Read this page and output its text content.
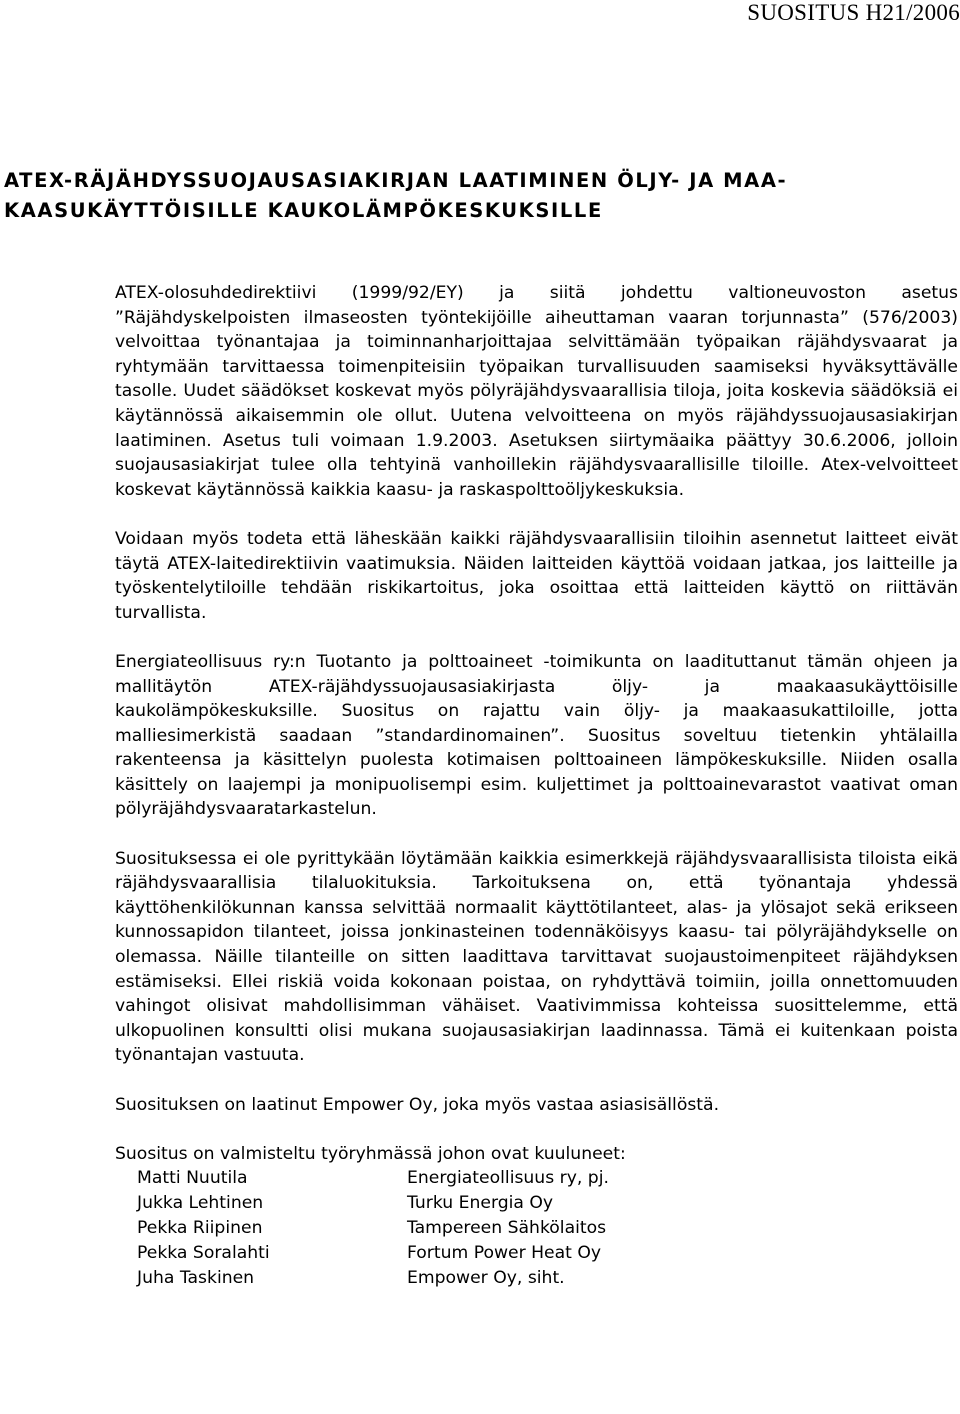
SUOSITUS H21/2006
ATEX-RÄJÄHDYSSUOJAUSASIAKIRJAN LAATIMINEN ÖLJY- JA MAA-
KAASUKÄYTTÖISILLE KAUKOLÄMPÖKESKUKSILLE

ATEX-olosuhdedirektiivi (1999/92/EY) ja siitä johdettu valtioneuvoston asetus ”Räjähdyskelpoisten ilmaseosten työntekijöille aiheuttaman vaaran torjunnasta” (576/2003) velvoittaa työnantajaa ja toiminnanharjoittajaa selvittämään työpaikan räjähdysvaarat ja ryhtymään tarvittaessa toimenpiteisiin työpaikan turvallisuuden saamiseksi hyväksyttävälle tasolle. Uudet säädökset koskevat myös pölyräjähdysvaarallisia tiloja, joita koskevia säädöksiä ei käytännössä aikaisemmin ole ollut. Uutena velvoitteena on myös räjähdyssuojausasiakirjan laatiminen. Asetus tuli voimaan 1.9.2003. Asetuksen siirtymäaika päättyy 30.6.2006, jolloin suojausasiakirjat tulee olla tehtyinä vanhoillekin räjähdysvaarallisille tiloille. Atex-velvoitteet koskevat käytännössä kaikkia kaasu- ja raskaspolttoöljykeskuksia.

Voidaan myös todeta että läheskään kaikki räjähdysvaarallisiin tiloihin asennetut laitteet eivät täytä ATEX-laitedirektiivin vaatimuksia. Näiden laitteiden käyttöä voidaan jatkaa, jos laitteille ja työskentelytiloille tehdään riskikartoitus, joka osoittaa että laitteiden käyttö on riittävän turvallista.

Energiateollisuus ry:n Tuotanto ja polttoaineet -toimikunta on laadituttanut tämän ohjeen ja mallitäytön ATEX-räjähdyssuojausasiakirjasta öljy- ja maakaasukäyttöisille kaukolämpökeskuksille. Suositus on rajattu vain öljy- ja maakaasukattiloille, jotta malliesimerkistä saadaan ”standardinomainen”. Suositus soveltuu tietenkin yhtälailla rakenteensa ja käsittelyn puolesta kotimaisen polttoaineen lämpökeskuksille. Niiden osalla käsittely on laajempi ja monipuolisempi esim. kuljettimet ja polttoainevarastot vaativat oman pölyräjähdysvaaratarkastelun.

Suosituksessa ei ole pyrittykään löytämään kaikkia esimerkkejä räjähdysvaarallisista tiloista eikä räjähdysvaarallisia tilaluokituksia. Tarkoituksena on, että työnantaja yhdessä käyttöhenkilökunnan kanssa selvittää normaalit käyttötilanteet, alas- ja ylösajot sekä erikseen kunnossapidon tilanteet, joissa jonkinasteinen todennäköisyys kaasu- tai pölyräjähdykselle on olemassa. Näille tilanteille on sitten laadittava tarvittavat suojaustoimenpiteet räjähdyksen estämiseksi. Ellei riskiä voida kokonaan poistaa, on ryhdyttävä toimiin, joilla onnettomuuden vahingot olisivat mahdollisimman vähäiset. Vaativimmissa kohteissa suosittelemme, että ulkopuolinen konsultti olisi mukana suojausasiakirjan laadinnassa. Tämä ei kuitenkaan poista työnantajan vastuuta.

Suosituksen on laatinut Empower Oy, joka myös vastaa asiasisällöstä.

Suositus on valmisteltu työryhmässä johon ovat kuuluneet:

Matti Nuutila	Energiateollisuus ry, pj.
Jukka Lehtinen	Turku Energia Oy
Pekka Riipinen	Tampereen Sähkölaitos
Pekka Soralahti	Fortum Power Heat Oy
Juha Taskinen	Empower Oy, siht.
